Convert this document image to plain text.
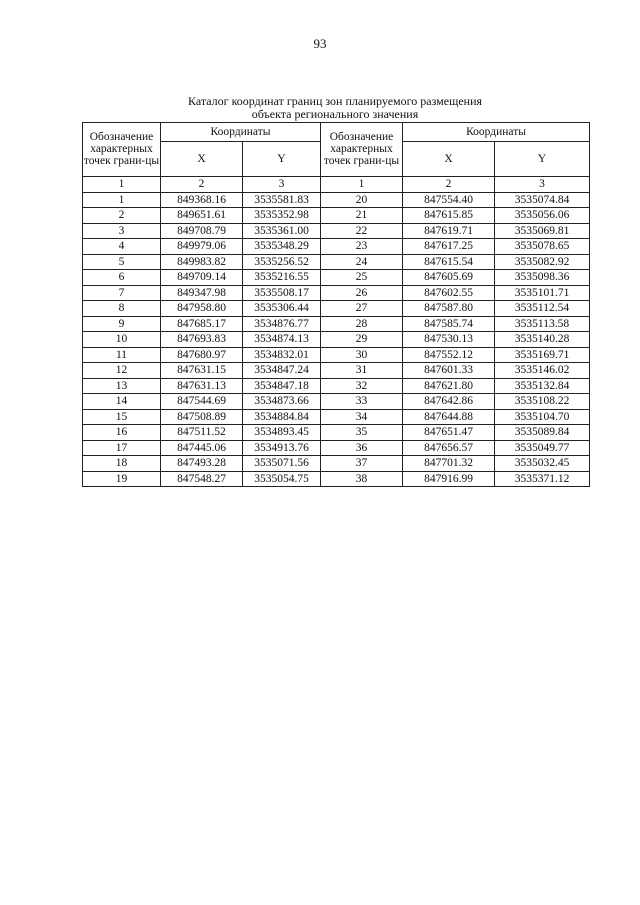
93
Каталог координат границ зон планируемого размещения
объекта регионального значения
Обозначение характерных точек грани-цы	Координаты		Обозначение характерных точек грани-цы	Координаты	
	X	Y		X	Y
1	2	3	1	2	3
1	849368.16	3535581.83	20	847554.40	3535074.84
2	849651.61	3535352.98	21	847615.85	3535056.06
3	849708.79	3535361.00	22	847619.71	3535069.81
4	849979.06	3535348.29	23	847617.25	3535078.65
5	849983.82	3535256.52	24	847615.54	3535082.92
6	849709.14	3535216.55	25	847605.69	3535098.36
7	849347.98	3535508.17	26	847602.55	3535101.71
8	847958.80	3535306.44	27	847587.80	3535112.54
9	847685.17	3534876.77	28	847585.74	3535113.58
10	847693.83	3534874.13	29	847530.13	3535140.28
11	847680.97	3534832.01	30	847552.12	3535169.71
12	847631.15	3534847.24	31	847601.33	3535146.02
13	847631.13	3534847.18	32	847621.80	3535132.84
14	847544.69	3534873.66	33	847642.86	3535108.22
15	847508.89	3534884.84	34	847644.88	3535104.70
16	847511.52	3534893.45	35	847651.47	3535089.84
17	847445.06	3534913.76	36	847656.57	3535049.77
18	847493.28	3535071.56	37	847701.32	3535032.45
19	847548.27	3535054.75	38	847916.99	3535371.12
